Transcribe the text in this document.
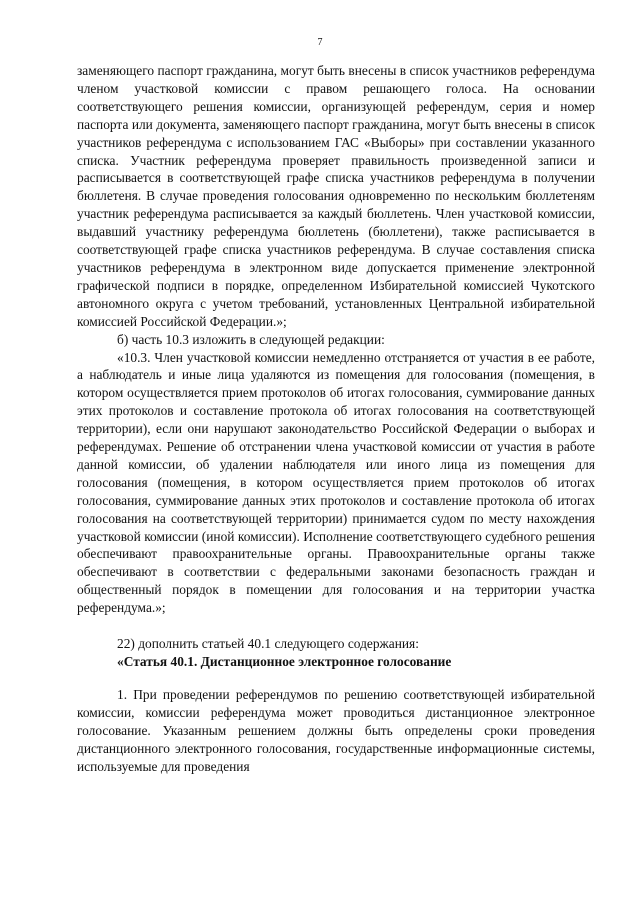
7

заменяющего паспорт гражданина, могут быть внесены в список участников референдума членом участковой комиссии с правом решающего голоса. На основании соответствующего решения комиссии, организующей референдум, серия и номер паспорта или документа, заменяющего паспорт гражданина, могут быть внесены в список участников референдума с использованием ГАС «Выборы» при составлении указанного списка. Участник референдума проверяет правильность произведенной записи и расписывается в соответствующей графе списка участников референдума в получении бюллетеня. В случае проведения голосования одновременно по нескольким бюллетеням участник референдума расписывается за каждый бюллетень. Член участковой комиссии, выдавший участнику референдума бюллетень (бюллетени), также расписывается в соответствующей графе списка участников референдума. В случае составления списка участников референдума в электронном виде допускается применение электронной графической подписи в порядке, определенном Избирательной комиссией Чукотского автономного округа с учетом требований, установленных Центральной избирательной комиссией Российской Федерации.»;

б) часть 10.3 изложить в следующей редакции:

«10.3. Член участковой комиссии немедленно отстраняется от участия в ее работе, а наблюдатель и иные лица удаляются из помещения для голосования (помещения, в котором осуществляется прием протоколов об итогах голосования, суммирование данных этих протоколов и составление протокола об итогах голосования на соответствующей территории), если они нарушают законодательство Российской Федерации о выборах и референдумах. Решение об отстранении члена участковой комиссии от участия в работе данной комиссии, об удалении наблюдателя или иного лица из помещения для голосования (помещения, в котором осуществляется прием протоколов об итогах голосования, суммирование данных этих протоколов и составление протокола об итогах голосования на соответствующей территории) принимается судом по месту нахождения участковой комиссии (иной комиссии). Исполнение соответствующего судебного решения обеспечивают правоохранительные органы. Правоохранительные органы также обеспечивают в соответствии с федеральными законами безопасность граждан и общественный порядок в помещении для голосования и на территории участка референдума.»;

22) дополнить статьей 40.1 следующего содержания:

«Статья 40.1. Дистанционное электронное голосование

1. При проведении референдумов по решению соответствующей избирательной комиссии, комиссии референдума может проводиться дистанционное электронное голосование. Указанным решением должны быть определены сроки проведения дистанционного электронного голосования, государственные информационные системы, используемые для проведения
